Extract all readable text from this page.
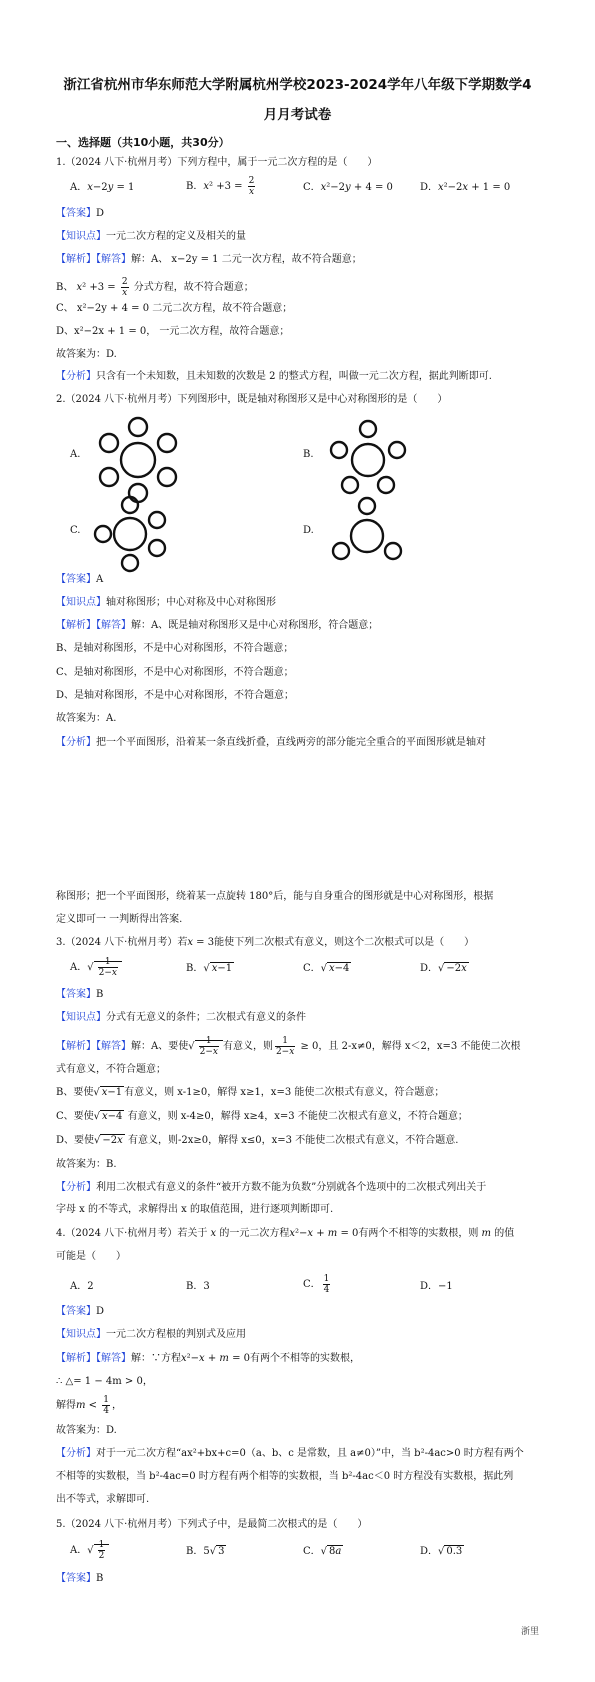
浙江省杭州市华东师范大学附属杭州学校2023-2024学年八年级下学期数学4
月月考试卷
一、选择题（共10小题，共30分）
1.（2024 八下·杭州月考）下列方程中，属于一元二次方程的是（　　）
A．x−2y = 1	B．$x^2 +3 = \frac{2}{x}$	C．x²−2y + 4 = 0	D．x²−2x + 1 = 0
【答案】D
【知识点】一元二次方程的定义及相关的量
【解析】【解答】解：A、 x−2y = 1 二元一次方程，故不符合题意；
B、 $x^2 +3 = \frac{2}{x}$ 分式方程，故不符合题意；
C、 x²−2y + 4 = 0 二元二次方程，故不符合题意；
D、x²−2x + 1 = 0， 一元二次方程，故符合题意；
故答案为：D.
【分析】只含有一个未知数，且未知数的次数是 2 的整式方程，叫做一元二次方程，据此判断即可.
2.（2024 八下·杭州月考）下列图形中，既是轴对称图形又是中心对称图形的是（　　）
A.	B.
C.	D.
【答案】A
【知识点】轴对称图形；中心对称及中心对称图形
【解析】【解答】解：A、既是轴对称图形又是中心对称图形，符合题意；
B、是轴对称图形，不是中心对称图形，不符合题意；
C、是轴对称图形，不是中心对称图形，不符合题意；
D、是轴对称图形，不是中心对称图形，不符合题意；
故答案为：A.
【分析】把一个平面图形，沿着某一条直线折叠，直线两旁的部分能完全重合的平面图形就是轴对
称图形；把一个平面图形，绕着某一点旋转 180°后，能与自身重合的图形就是中心对称图形，根据
定义即可一 一判断得出答案.
3.（2024 八下·杭州月考）若x = 3能使下列二次根式有意义，则这个二次根式可以是（　　）
A．√ $\frac{1}{2-x}$	B．√ x−1	C．√ x−4	D．√ −2x
【答案】B
【知识点】分式有无意义的条件；二次根式有意义的条件
【解析】【解答】解：A、要使√ $\frac{1}{2-x}$ 有意义，则 $\frac{1}{2-x} \ge 0$，且 2-x≠0，解得 x＜2，x=3 不能使二次根
式有意义，不符合题意；
B、要使√ x−1 有意义，则 x-1≥0，解得 x≥1，x=3 能使二次根式有意义，符合题意；
C、要使√ x−4 有意义，则 x-4≥0，解得 x≥4，x=3 不能使二次根式有意义，不符合题意；
D、要使√ −2x 有意义，则-2x≥0，解得 x≤0，x=3 不能使二次根式有意义，不符合题意.
故答案为：B.
【分析】利用二次根式有意义的条件“被开方数不能为负数”分别就各个选项中的二次根式列出关于
字母 x 的不等式，求解得出 x 的取值范围，进行逐项判断即可.
4.（2024 八下·杭州月考）若关于 x 的一元二次方程x²−x + m = 0有两个不相等的实数根，则 m 的值
可能是（　　）
A．2	B．3	C． $\frac{1}{4}$	D．−1
【答案】D
【知识点】一元二次方程根的判别式及应用
【解析】【解答】解：∵方程x²−x + m = 0有两个不相等的实数根，
∴ △= 1 − 4m > 0，
解得$m < \frac{1}{4}$ ，
故答案为：D.
【分析】对于一元二次方程“ax²+bx+c=0（a、b、c 是常数，且 a≠0）”中，当 b²-4ac>0 时方程有两个
不相等的实数根，当 b²-4ac=0 时方程有两个相等的实数根，当 b²-4ac＜0 时方程没有实数根，据此列
出不等式，求解即可.
5.（2024 八下·杭州月考）下列式子中，是最简二次根式的是（　　）
A．√ $\frac{1}{2}$	B．5√ 3	C．√ 8a	D．√ 0.3
【答案】B
浙里
